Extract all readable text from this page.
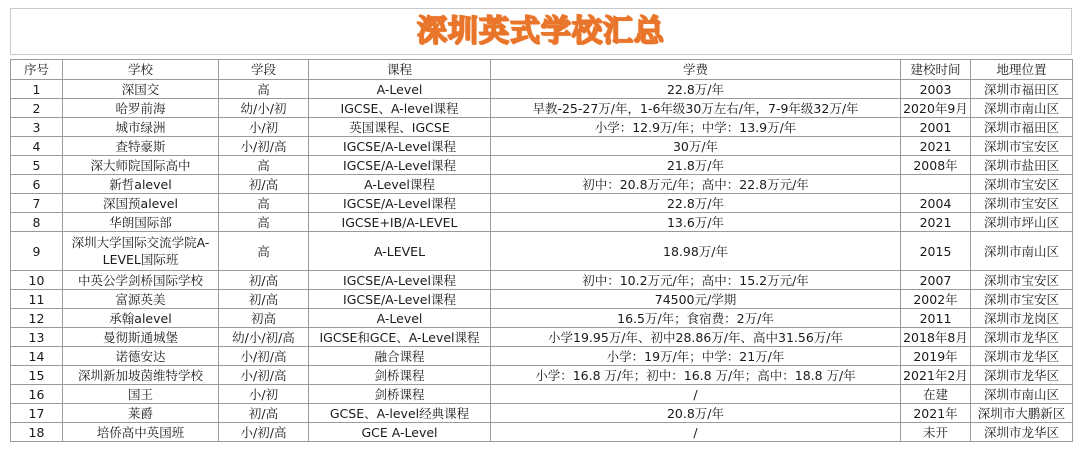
深圳英式学校汇总
序号	学校	学段	课程	学费	建校时间	地理位置
1	深国交	高	A-Level	22.8万/年	2003	深圳市福田区
2	哈罗前海	幼/小/初	IGCSE、A-level课程	早教-25-27万/年，1-6年级30万左右/年，7-9年级32万/年	2020年9月	深圳市南山区
3	城市绿洲	小/初	英国课程、IGCSE	小学：12.9万/年；中学：13.9万/年	2001	深圳市福田区
4	查特豪斯	小/初/高	IGCSE/A-Level课程	30万/年	2021	深圳市宝安区
5	深大师院国际高中	高	IGCSE/A-Level课程	21.8万/年	2008年	深圳市盐田区
6	新哲alevel	初/高	A-Level课程	初中：20.8万元/年；高中：22.8万元/年		深圳市宝安区
7	深国预alevel	高	IGCSE/A-Level课程	22.8万/年	2004	深圳市宝安区
8	华朗国际部	高	IGCSE+IB/A-LEVEL	13.6万/年	2021	深圳市坪山区
9	深圳大学国际交流学院A-LEVEL国际班	高	A-LEVEL	18.98万/年	2015	深圳市南山区
10	中英公学剑桥国际学校	初/高	IGCSE/A-Level课程	初中：10.2万元/年；高中：15.2万元/年	2007	深圳市宝安区
11	富源英美	初/高	IGCSE/A-Level课程	74500元/学期	2002年	深圳市宝安区
12	承翰alevel	初高	A-Level	16.5万/年；食宿费：2万/年	2011	深圳市龙岗区
13	曼彻斯通城堡	幼/小/初/高	IGCSE和GCE、A-Level课程	小学19.95万/年、初中28.86万/年、高中31.56万/年	2018年8月	深圳市龙华区
14	诺德安达	小/初/高	融合课程	小学：19万/年；中学：21万/年	2019年	深圳市龙华区
15	深圳新加坡茵维特学校	小/初/高	剑桥课程	小学：16.8 万/年；初中：16.8 万/年；高中：18.8 万/年	2021年2月	深圳市龙华区
16	国王	小/初	剑桥课程	/	在建	深圳市南山区
17	莱爵	初/高	GCSE、A-level经典课程	20.8万/年	2021年	深圳市大鹏新区
18	培侨高中英国班	小/初/高	GCE A-Level	/	未开	深圳市龙华区
